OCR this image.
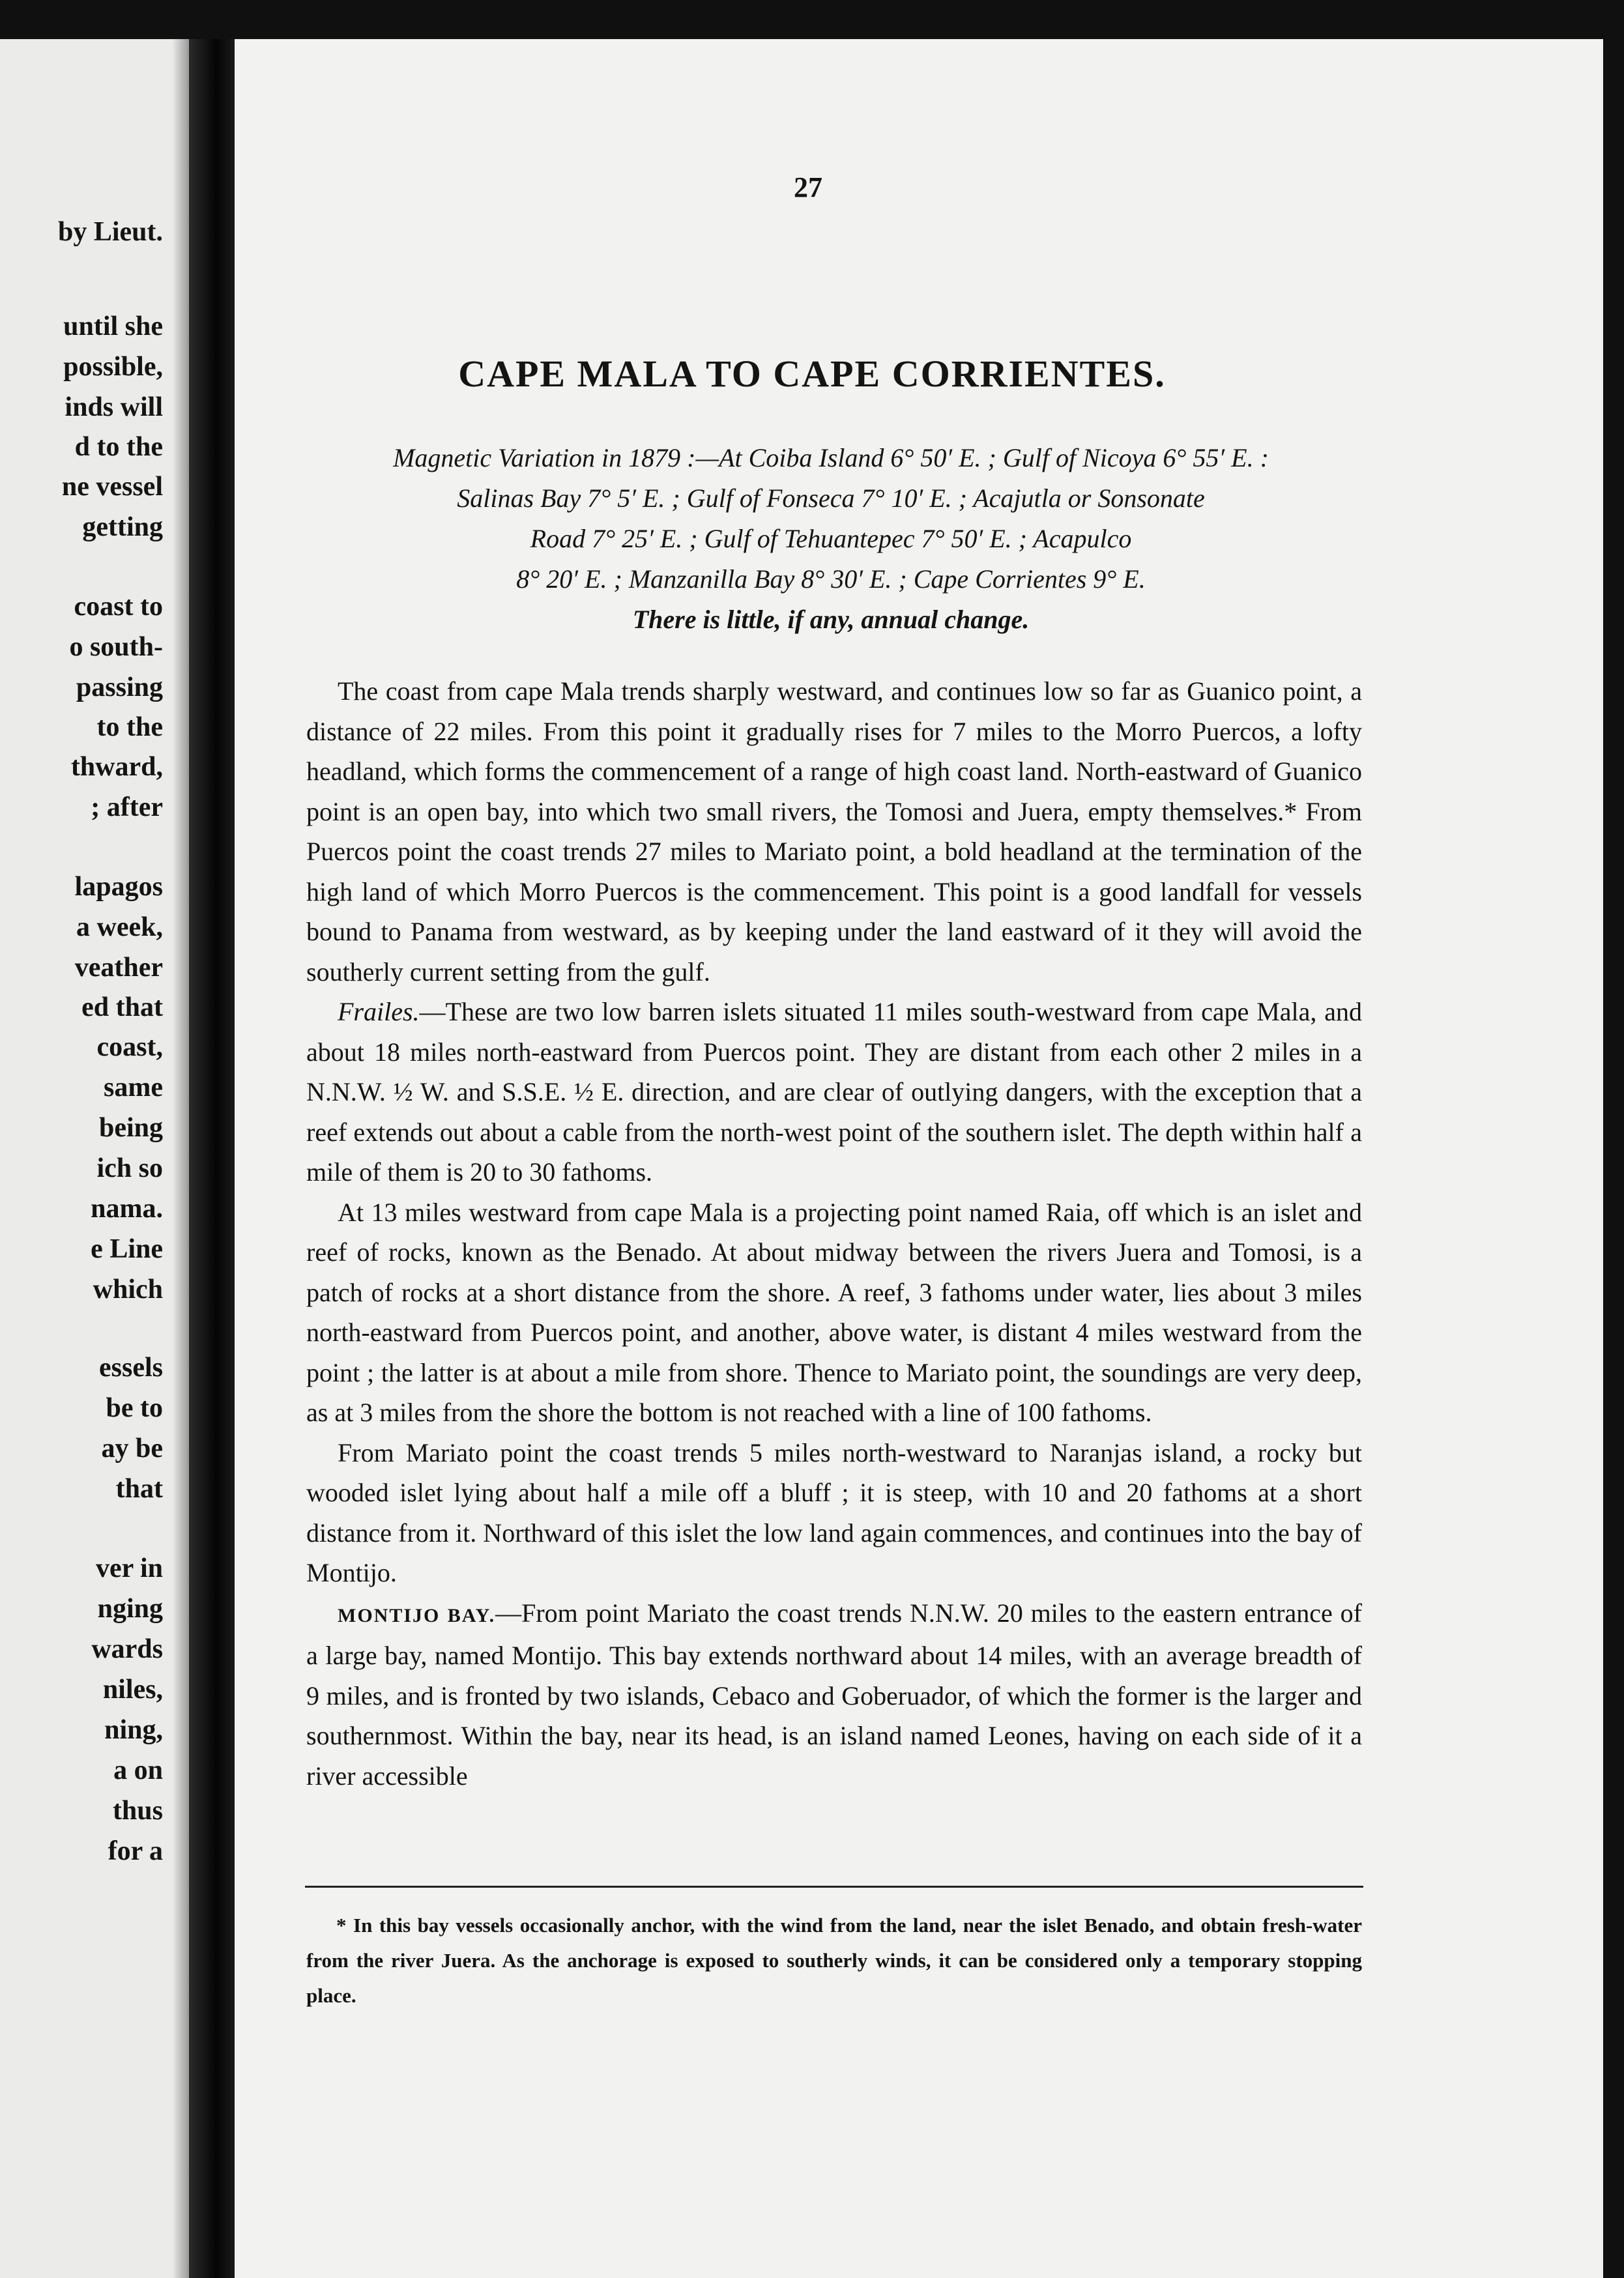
by Lieut.
until she
possible,
inds will
d to the
ne vessel
getting
coast to
o south-
passing
to the
thward,
; after
lapagos
a week,
veather
ed that
coast,
same
being
ich so
nama.
e Line
which
essels
be to
ay be
that
ver in
nging
wards
niles,
ning,
a on
thus
for a
27
CAPE MALA TO CAPE CORRIENTES.
Magnetic Variation in 1879 :—At Coiba Island 6° 50′ E. ; Gulf of Nicoya 6° 55′ E. :
Salinas Bay 7° 5′ E. ; Gulf of Fonseca 7° 10′ E. ; Acajutla or Sonsonate
Road 7° 25′ E. ; Gulf of Tehuantepec 7° 50′ E. ; Acapulco
8° 20′ E. ; Manzanilla Bay 8° 30′ E. ; Cape Corrientes 9° E.
There is little, if any, annual change.

The coast from cape Mala trends sharply westward, and continues low so far as Guanico point, a distance of 22 miles. From this point it gradually rises for 7 miles to the Morro Puercos, a lofty headland, which forms the commencement of a range of high coast land. North-eastward of Guanico point is an open bay, into which two small rivers, the Tomosi and Juera, empty themselves.* From Puercos point the coast trends 27 miles to Mariato point, a bold headland at the termination of the high land of which Morro Puercos is the commencement. This point is a good landfall for vessels bound to Panama from westward, as by keeping under the land eastward of it they will avoid the southerly current setting from the gulf.

Frailes.—These are two low barren islets situated 11 miles south-westward from cape Mala, and about 18 miles north-eastward from Puercos point. They are distant from each other 2 miles in a N.N.W. ½ W. and S.S.E. ½ E. direction, and are clear of outlying dangers, with the exception that a reef extends out about a cable from the north-west point of the southern islet. The depth within half a mile of them is 20 to 30 fathoms.

At 13 miles westward from cape Mala is a projecting point named Raia, off which is an islet and reef of rocks, known as the Benado. At about midway between the rivers Juera and Tomosi, is a patch of rocks at a short distance from the shore. A reef, 3 fathoms under water, lies about 3 miles north-eastward from Puercos point, and another, above water, is distant 4 miles westward from the point ; the latter is at about a mile from shore. Thence to Mariato point, the soundings are very deep, as at 3 miles from the shore the bottom is not reached with a line of 100 fathoms.

From Mariato point the coast trends 5 miles north-westward to Naranjas island, a rocky but wooded islet lying about half a mile off a bluff ; it is steep, with 10 and 20 fathoms at a short distance from it. Northward of this islet the low land again commences, and continues into the bay of Montijo.

MONTIJO BAY.—From point Mariato the coast trends N.N.W. 20 miles to the eastern entrance of a large bay, named Montijo. This bay extends northward about 14 miles, with an average breadth of 9 miles, and is fronted by two islands, Cebaco and Goberuador, of which the former is the larger and southernmost. Within the bay, near its head, is an island named Leones, having on each side of it a river accessible

* In this bay vessels occasionally anchor, with the wind from the land, near the islet Benado, and obtain fresh-water from the river Juera. As the anchorage is exposed to southerly winds, it can be considered only a temporary stopping place.
